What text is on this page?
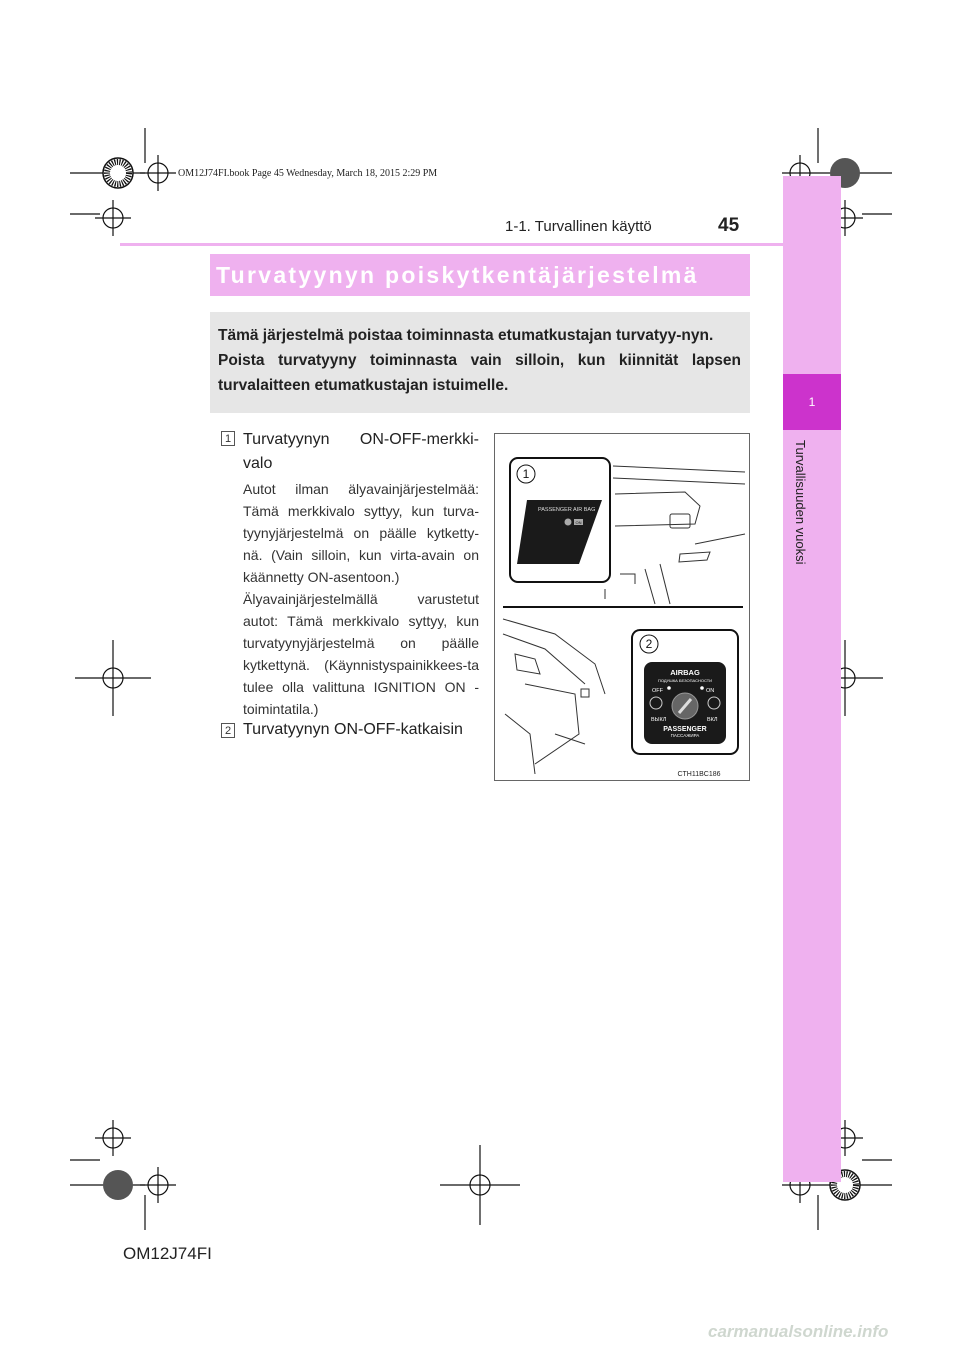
OM12J74FI.book Page 45 Wednesday, March 18, 2015 2:29 PM
1
Turvallisuuden vuoksi
1-1. Turvallinen käyttö	45
Turvatyynyn poiskytkentäjärjestelmä
Tämä järjestelmä poistaa toiminnasta etumatkustajan turvatyy-nyn.
Poista turvatyyny toiminnasta vain silloin, kun kiinnität lapsen turvalaitteen etumatkustajan istuimelle.
1 Turvatyynyn ON-OFF-merkki-valo
Autot ilman älyavainjärjestelmää: Tämä merkkivalo syttyy, kun turva-tyynyjärjestelmä on päälle kytketty-nä. (Vain silloin, kun virta-avain on käännetty ON-asentoon.)
Älyavainjärjestelmällä varustetut autot: Tämä merkkivalo syttyy, kun turvatyynyjärjestelmä on päälle kytkettynä. (Käynnistyspainikkees-ta tulee olla valittuna IGNITION ON -toimintatila.)
2 Turvatyynyn ON-OFF-katkaisin
1
PASSENGER AIR BAG
ON
2
AIRBAG
ПОДУШКА БЕЗОПАСНОСТИ
OFF	ON
ВЫКЛ	ВКЛ
PASSENGER
ПАССАЖИРА
CTH11BC186
OM12J74FI
carmanualsonline.info
